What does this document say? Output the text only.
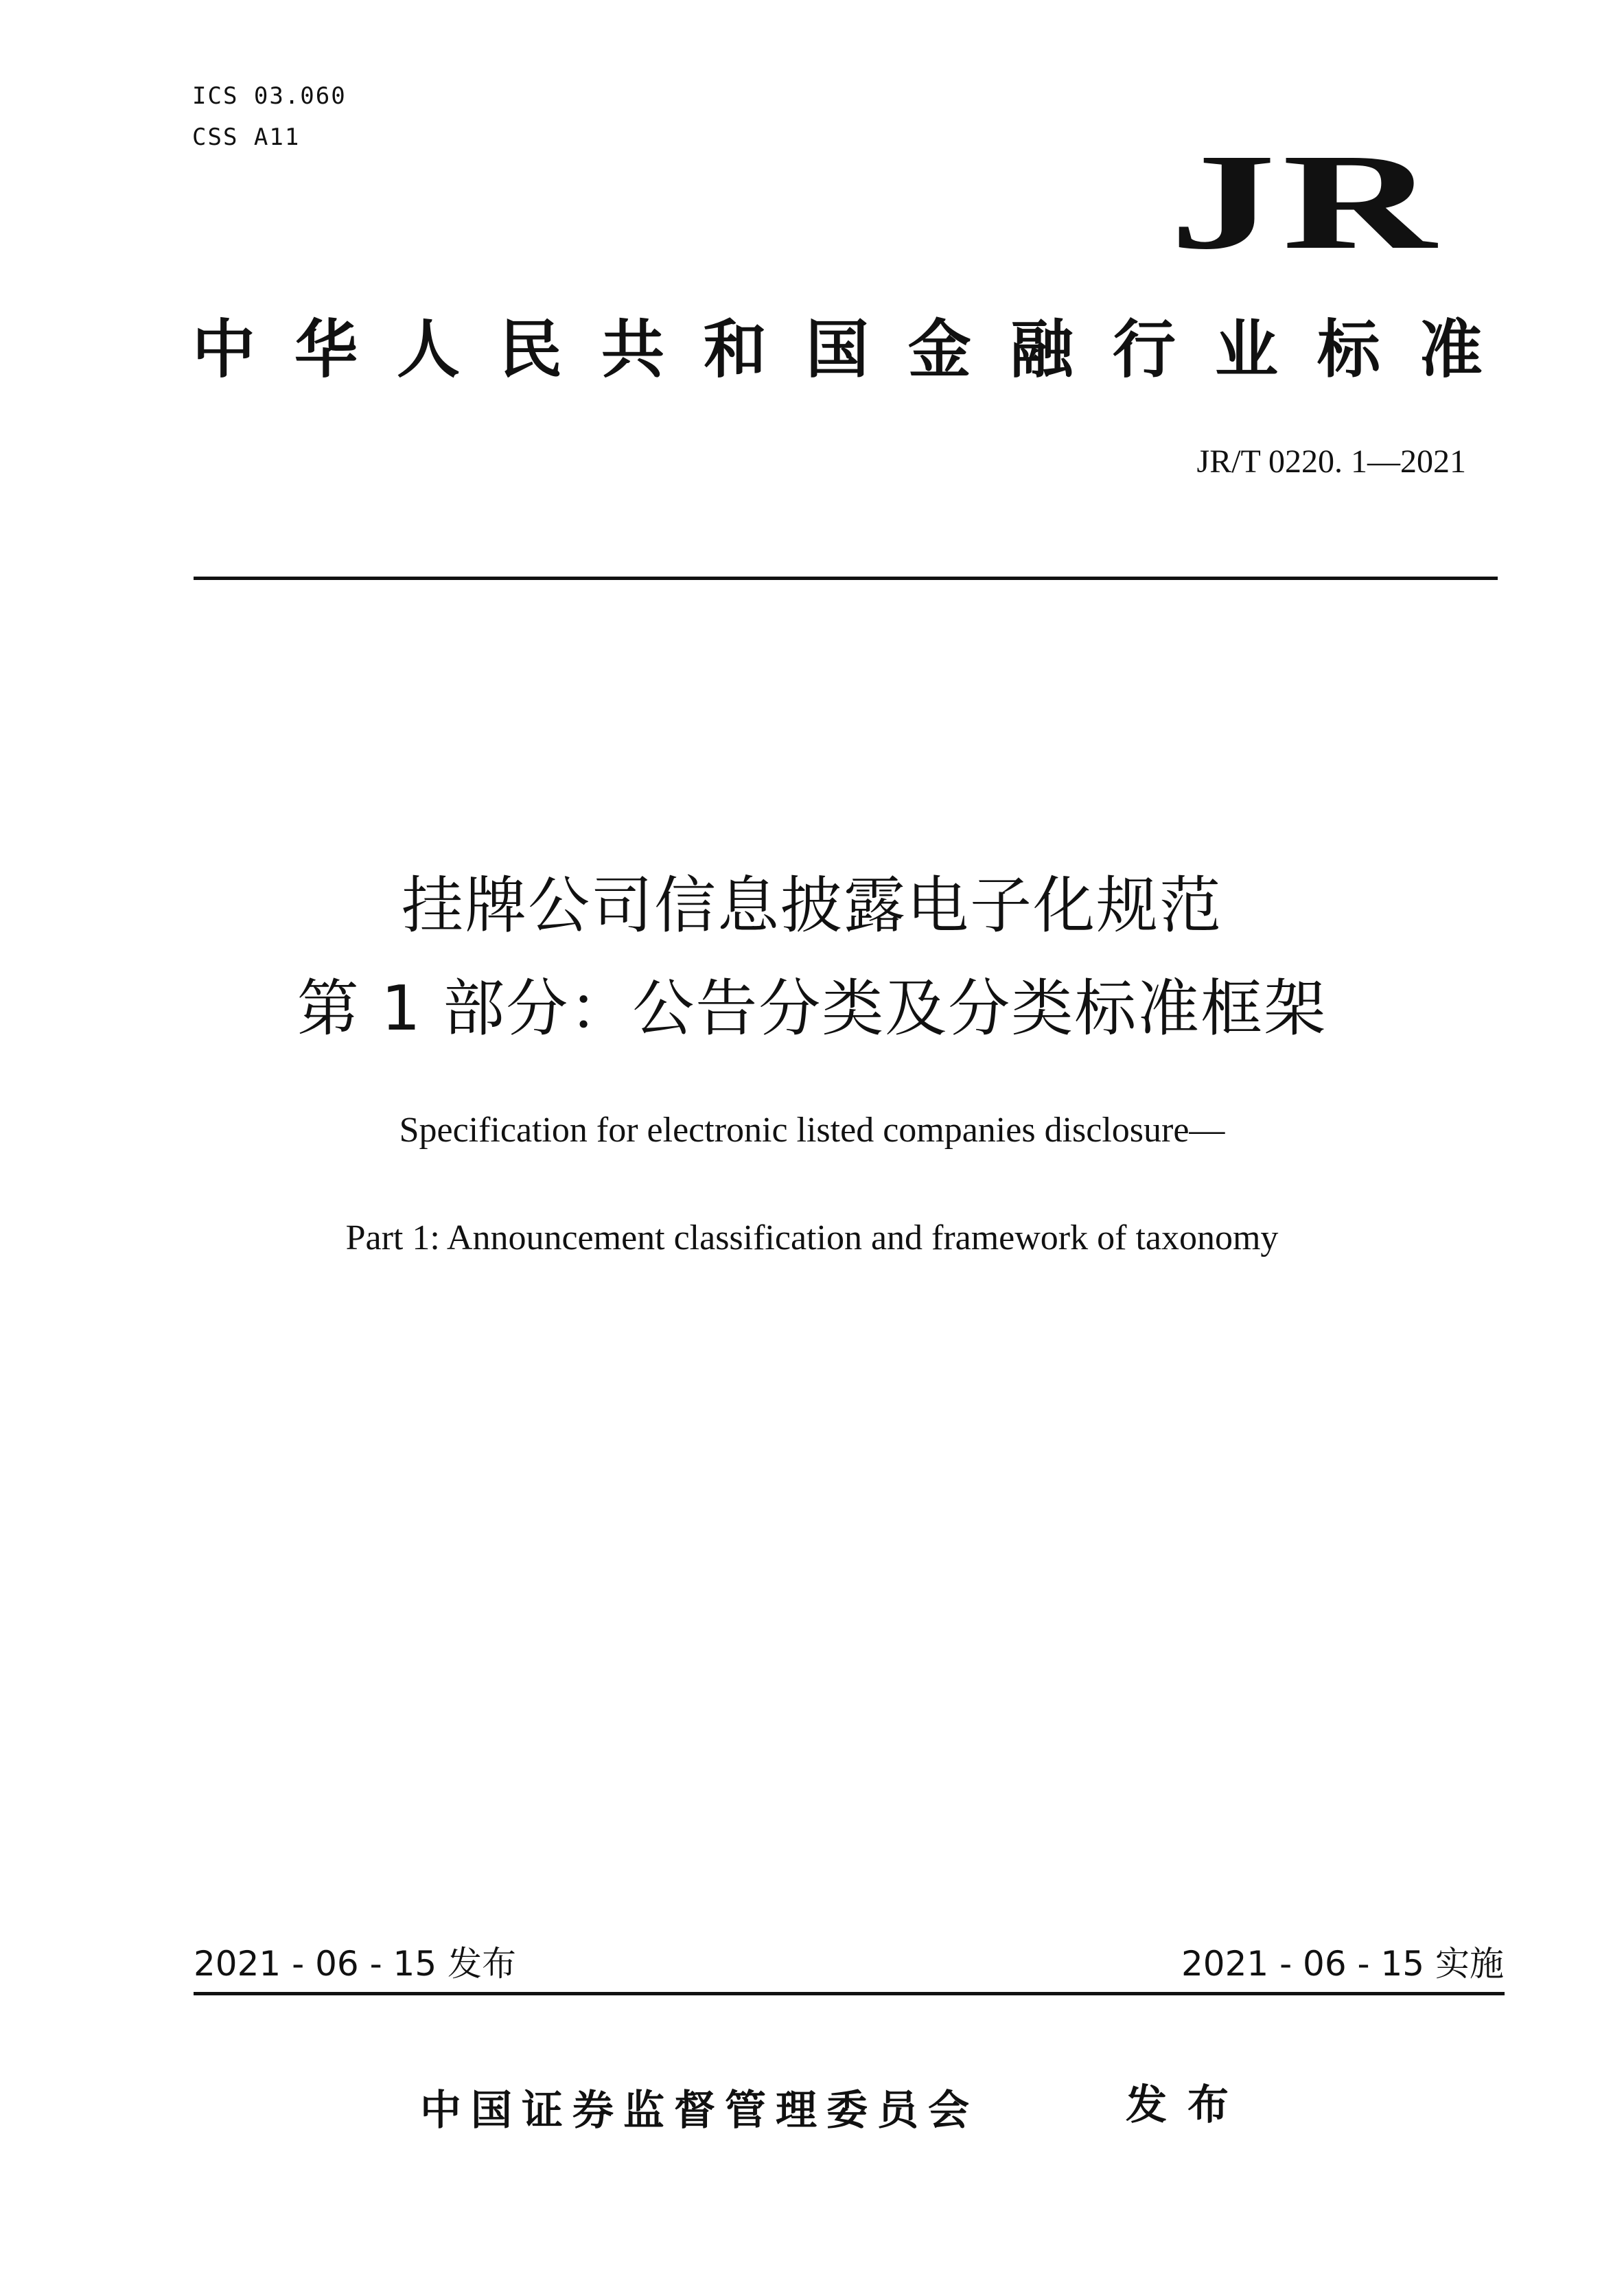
ICS 03.060
CSS A11	JR
中 华 人 民 共 和 国 金 融 行 业 标 准
JR/T 0220. 1—2021
挂牌公司信息披露电子化规范
第 1 部分：公告分类及分类标准框架
Specification for electronic listed companies disclosure—
Part 1: Announcement classification and framework of taxonomy
2021 - 06 - 15 发布	2021 - 06 - 15 实施
中国证券监督管理委员会	发布
